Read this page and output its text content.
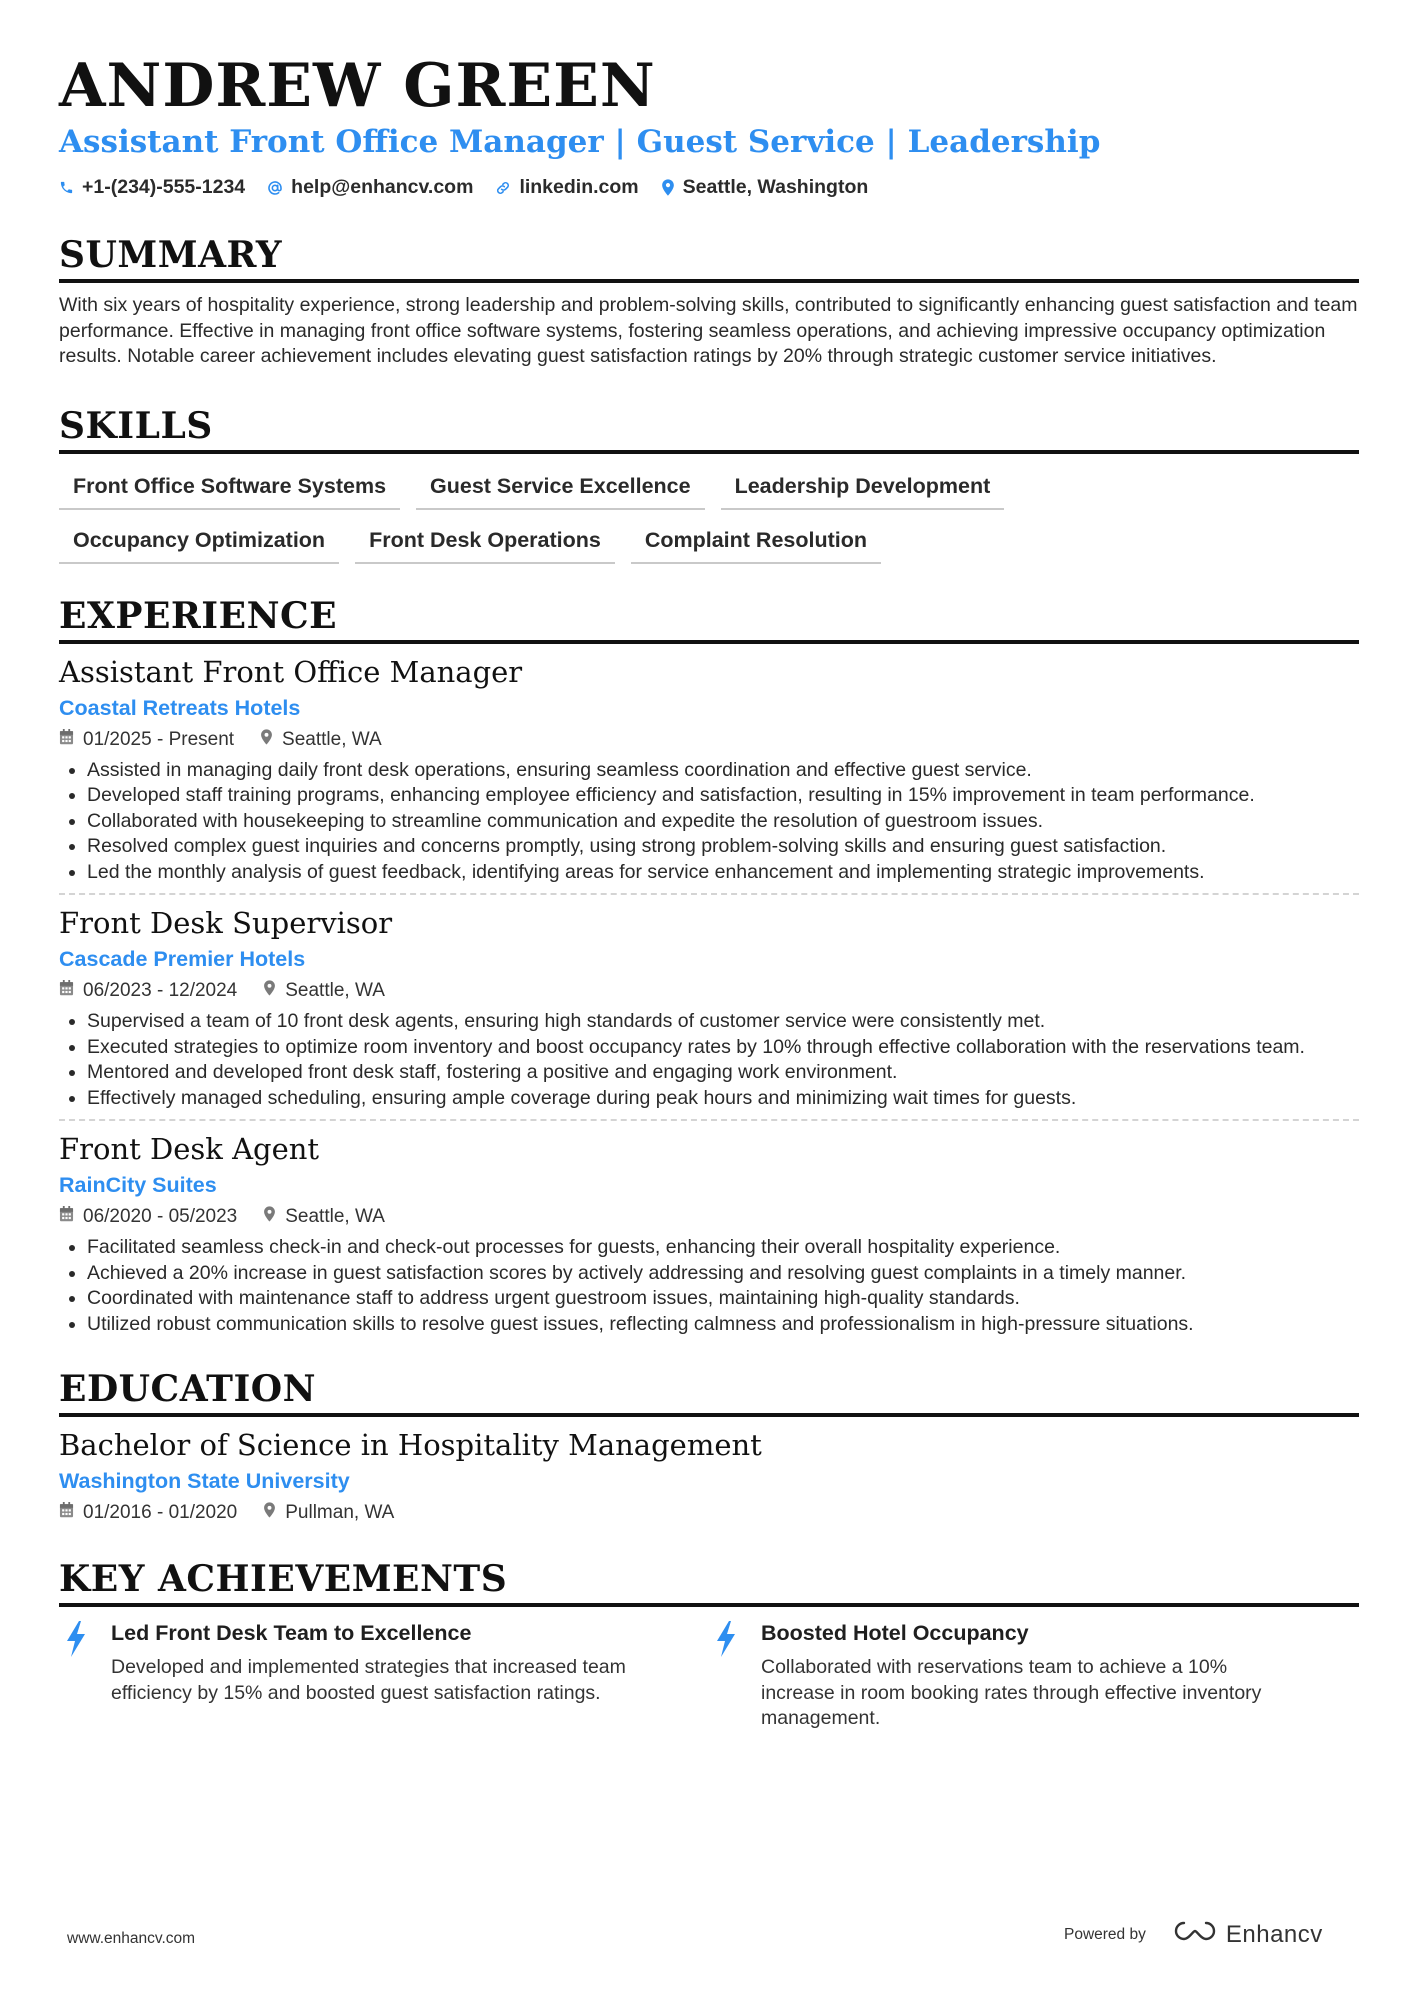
ANDREW GREEN
Assistant Front Office Manager | Guest Service | Leadership
+1-(234)-555-1234 help@enhancv.com linkedin.com Seattle, Washington
SUMMARY
With six years of hospitality experience, strong leadership and problem-solving skills, contributed to significantly enhancing guest satisfaction and team performance. Effective in managing front office software systems, fostering seamless operations, and achieving impressive occupancy optimization results. Notable career achievement includes elevating guest satisfaction ratings by 20% through strategic customer service initiatives.
SKILLS
Front Office Software Systems	Guest Service Excellence	Leadership Development
Occupancy Optimization	Front Desk Operations	Complaint Resolution
EXPERIENCE
Assistant Front Office Manager
Coastal Retreats Hotels
01/2025 - Present	Seattle, WA
• Assisted in managing daily front desk operations, ensuring seamless coordination and effective guest service.
• Developed staff training programs, enhancing employee efficiency and satisfaction, resulting in 15% improvement in team performance.
• Collaborated with housekeeping to streamline communication and expedite the resolution of guestroom issues.
• Resolved complex guest inquiries and concerns promptly, using strong problem-solving skills and ensuring guest satisfaction.
• Led the monthly analysis of guest feedback, identifying areas for service enhancement and implementing strategic improvements.
Front Desk Supervisor
Cascade Premier Hotels
06/2023 - 12/2024	Seattle, WA
• Supervised a team of 10 front desk agents, ensuring high standards of customer service were consistently met.
• Executed strategies to optimize room inventory and boost occupancy rates by 10% through effective collaboration with the reservations team.
• Mentored and developed front desk staff, fostering a positive and engaging work environment.
• Effectively managed scheduling, ensuring ample coverage during peak hours and minimizing wait times for guests.
Front Desk Agent
RainCity Suites
06/2020 - 05/2023	Seattle, WA
• Facilitated seamless check-in and check-out processes for guests, enhancing their overall hospitality experience.
• Achieved a 20% increase in guest satisfaction scores by actively addressing and resolving guest complaints in a timely manner.
• Coordinated with maintenance staff to address urgent guestroom issues, maintaining high-quality standards.
• Utilized robust communication skills to resolve guest issues, reflecting calmness and professionalism in high-pressure situations.
EDUCATION
Bachelor of Science in Hospitality Management
Washington State University
01/2016 - 01/2020	Pullman, WA
KEY ACHIEVEMENTS
Led Front Desk Team to Excellence
Developed and implemented strategies that increased team efficiency by 15% and boosted guest satisfaction ratings.
Boosted Hotel Occupancy
Collaborated with reservations team to achieve a 10% increase in room booking rates through effective inventory management.
www.enhancv.com	Powered by	Enhancv
